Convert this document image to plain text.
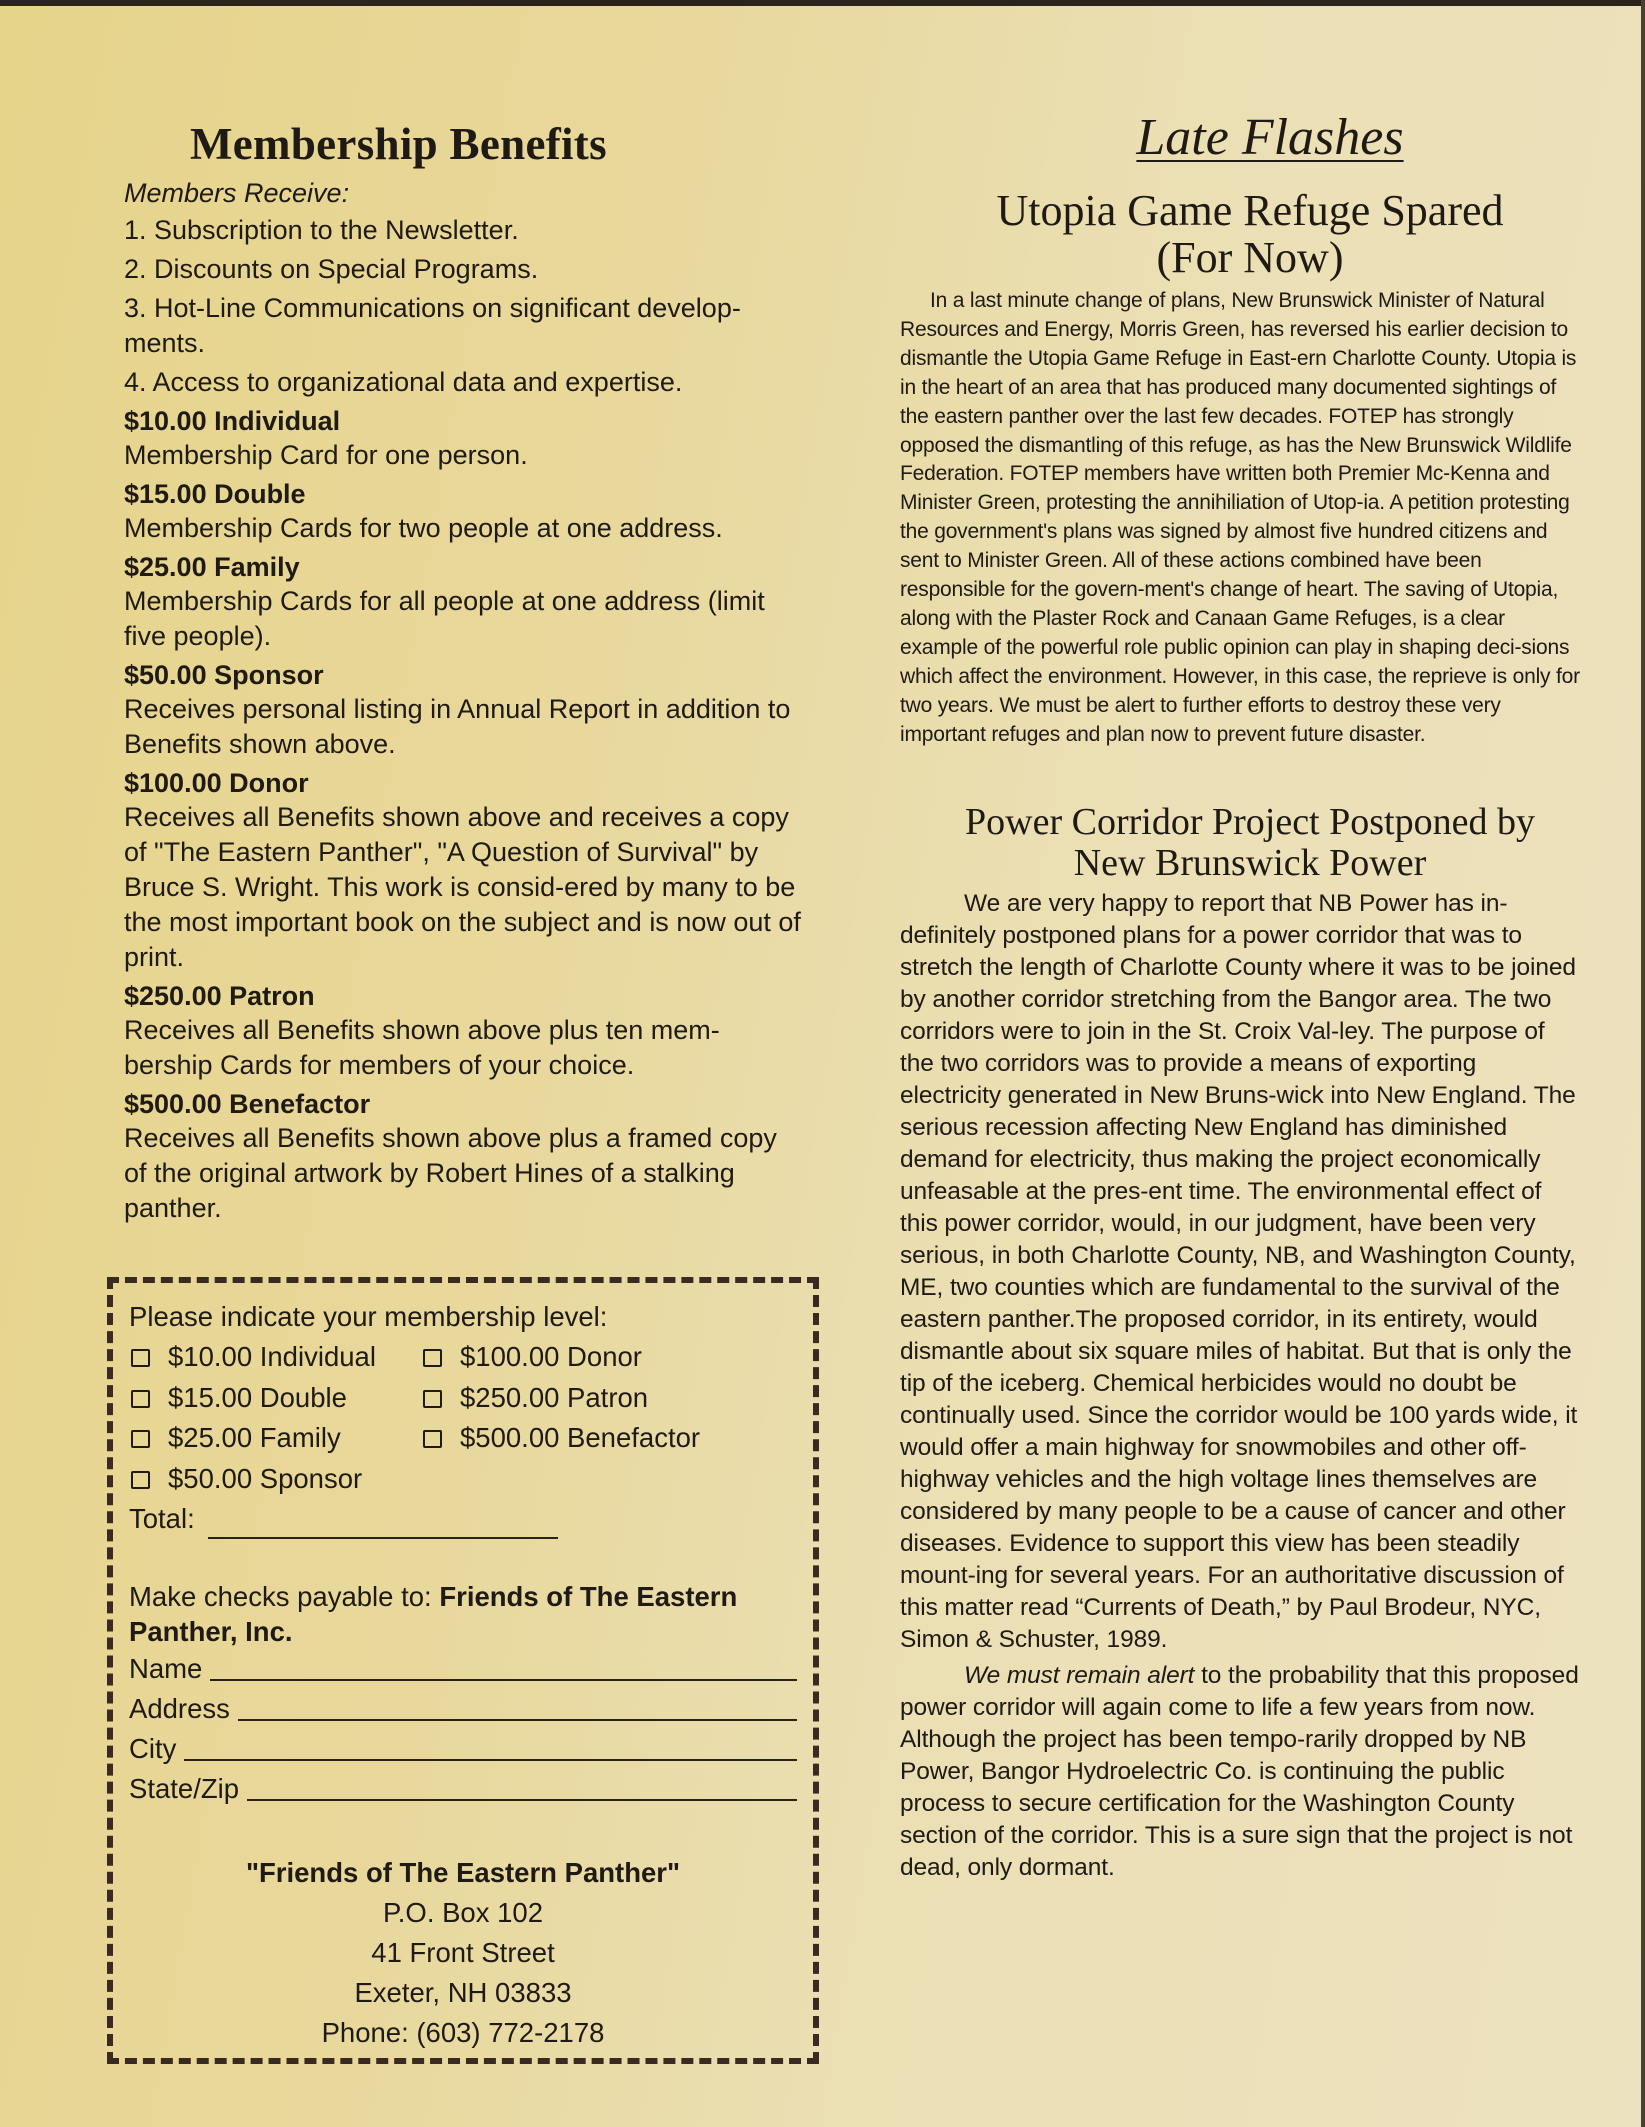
Membership Benefits
Members Receive:
1. Subscription to the Newsletter.
2. Discounts on Special Programs.
3. Hot-Line Communications on significant develop-ments.
4. Access to organizational data and expertise.
$10.00 Individual
Membership Card for one person.
$15.00 Double
Membership Cards for two people at one address.
$25.00 Family
Membership Cards for all people at one address (limit five people).
$50.00 Sponsor
Receives personal listing in Annual Report in addition to Benefits shown above.
$100.00 Donor
Receives all Benefits shown above and receives a copy of "The Eastern Panther", "A Question of Survival" by Bruce S. Wright. This work is consid-ered by many to be the most important book on the subject and is now out of print.
$250.00 Patron
Receives all Benefits shown above plus ten mem-bership Cards for members of your choice.
$500.00 Benefactor
Receives all Benefits shown above plus a framed copy of the original artwork by Robert Hines of a stalking panther.
Please indicate your membership level:
$10.00 Individual	$100.00 Donor
$15.00 Double	$250.00 Patron
$25.00 Family	$500.00 Benefactor
$50.00 Sponsor
Total:
Make checks payable to: Friends of The Eastern Panther, Inc.
Name
Address
City
State/Zip
"Friends of The Eastern Panther"
P.O. Box 102
41 Front Street
Exeter, NH 03833
Phone: (603) 772-2178
Late Flashes
Utopia Game Refuge Spared (For Now)

In a last minute change of plans, New Brunswick Minister of Natural Resources and Energy, Morris Green, has reversed his earlier decision to dismantle the Utopia Game Refuge in East-ern Charlotte County. Utopia is in the heart of an area that has produced many documented sightings of the eastern panther over the last few decades. FOTEP has strongly opposed the dismantling of this refuge, as has the New Brunswick Wildlife Federation. FOTEP members have written both Premier Mc-Kenna and Minister Green, protesting the annihiliation of Utop-ia. A petition protesting the government's plans was signed by almost five hundred citizens and sent to Minister Green. All of these actions combined have been responsible for the govern-ment's change of heart. The saving of Utopia, along with the Plaster Rock and Canaan Game Refuges, is a clear example of the powerful role public opinion can play in shaping deci-sions which affect the environment. However, in this case, the reprieve is only for two years. We must be alert to further efforts to destroy these very important refuges and plan now to prevent future disaster.

Power Corridor Project Postponed by New Brunswick Power

We are very happy to report that NB Power has in-definitely postponed plans for a power corridor that was to stretch the length of Charlotte County where it was to be joined by another corridor stretching from the Bangor area. The two corridors were to join in the St. Croix Val-ley. The purpose of the two corridors was to provide a means of exporting electricity generated in New Bruns-wick into New England. The serious recession affecting New England has diminished demand for electricity, thus making the project economically unfeasable at the pres-ent time. The environmental effect of this power corridor, would, in our judgment, have been very serious, in both Charlotte County, NB, and Washington County, ME, two counties which are fundamental to the survival of the eastern panther.The proposed corridor, in its entirety, would dismantle about six square miles of habitat. But that is only the tip of the iceberg. Chemical herbicides would no doubt be continually used. Since the corridor would be 100 yards wide, it would offer a main highway for snowmobiles and other off-highway vehicles and the high voltage lines themselves are considered by many people to be a cause of cancer and other diseases. Evidence to support this view has been steadily mount-ing for several years. For an authoritative discussion of this matter read “Currents of Death,” by Paul Brodeur, NYC, Simon & Schuster, 1989.

We must remain alert to the probability that this proposed power corridor will again come to life a few years from now. Although the project has been tempo-rarily dropped by NB Power, Bangor Hydroelectric Co. is continuing the public process to secure certification for the Washington County section of the corridor. This is a sure sign that the project is not dead, only dormant.
